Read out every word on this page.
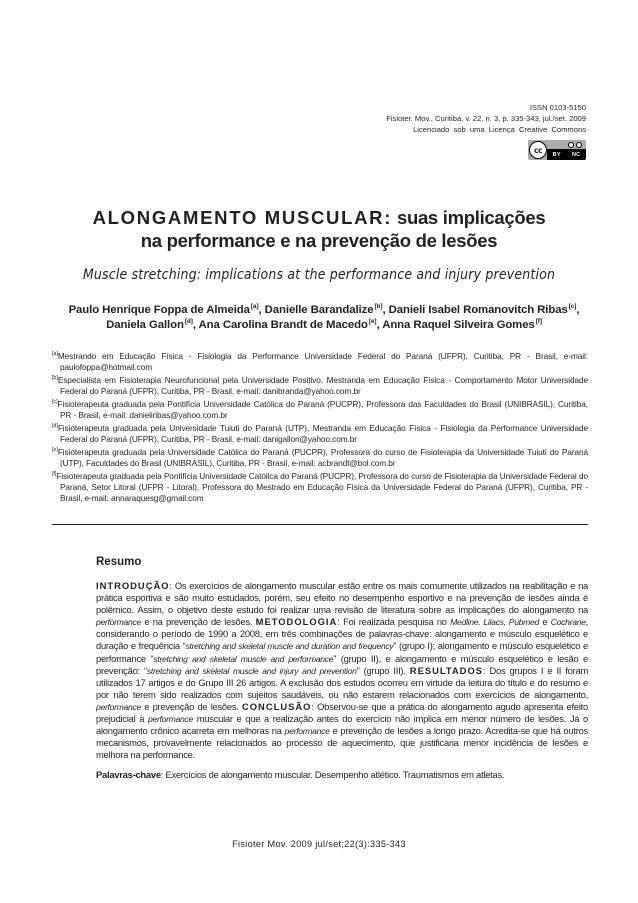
ISSN 0103-5150
Fisioter. Mov., Curitiba, v. 22, n. 3, p. 335-343, jul./set. 2009
Licenciado sob uma Licença Creative Commons
cc	BY NC
ALONGAMENTO MUSCULAR: suas implicações
na performance e na prevenção de lesões
Muscle stretching: implications at the performance and injury prevention
Paulo Henrique Foppa de Almeida[a], Danielle Barandalize[b], Danieli Isabel Romanovitch Ribas[c],
Daniela Gallon[d], Ana Carolina Brandt de Macedo[e], Anna Raquel Silveira Gomes[f]
[a]Mestrando em Educação Física - Fisiologia da Performance Universidade Federal do Paraná (UFPR), Curitiba, PR - Brasil, e-mail: paulofoppa@hotmail.com
[b]Especialista em Fisioterapia Neurofuncional pela Universidade Positivo, Mestranda em Educação Física - Comportamento Motor Universidade Federal do Paraná (UFPR), Curitiba, PR - Brasil, e-mail: danibranda@yahoo.com.br
[c]Fisioterapeuta graduada pela Pontifícia Universidade Católica do Paraná (PUCPR), Professora das Faculdades do Brasil (UNIBRASIL), Curitiba, PR - Brasil, e-mail: danieliribas@yahoo.com.br
[d]Fisioterapeuta graduada pela Universidade Tuiuti do Paraná (UTP), Mestranda em Educação Física - Fisiologia da Performance Universidade Federal do Paraná (UFPR), Curitiba, PR - Brasil, e-mail: danigallon@yahoo.com.br
[e]Fisioterapeuta graduada pela Universidade Católica do Paraná (PUCPR), Professora do curso de Fisioterapia da Universidade Tuiuti do Paraná (UTP), Faculdades do Brasil (UNIBRASIL), Curitiba, PR - Brasil, e-mail: acbrandt@bol.com.br
[f]Fisioterapeuta graduada pela Pontifícia Universidade Católica do Paraná (PUCPR), Professora do curso de Fisioterapia da Universidade Federal do Paraná, Setor Litoral (UFPR - Litoral), Professora do Mestrado em Educação Física da Universidade Federal do Paraná (UFPR), Curitiba, PR - Brasil, e-mail: annaraquesg@gmail.com
Resumo
INTRODUÇÃO: Os exercícios de alongamento muscular estão entre os mais comumente utilizados na reabilitação e na prática esportiva e são muito estudados, porém, seu efeito no desempenho esportivo e na prevenção de lesões ainda é polêmico. Assim, o objetivo deste estudo foi realizar uma revisão de literatura sobre as implicações do alongamento na performance e na prevenção de lesões. METODOLOGIA: Foi realizada pesquisa no Medline, Lilacs, Pubmed e Cochrane, considerando o período de 1990 a 2008, em três combinações de palavras-chave: alongamento e músculo esquelético e duração e frequência “stretching and skeletal muscle and duration and frequency” (grupo I); alongamento e músculo esquelético e performance “stretching and skeletal muscle and performance” (grupo II), e alongamento e músculo esquelético e lesão e prevenção: “stretching and skeletal muscle and injury and prevention” (grupo III). RESULTADOS: Dos grupos I e II foram utilizados 17 artigos e do Grupo III 26 artigos. A exclusão dos estudos ocorreu em virtude da leitura do título e do resumo e por não terem sido realizados com sujeitos saudáveis, ou não estarem relacionados com exercícios de alongamento, performance e prevenção de lesões. CONCLUSÃO: Observou-se que a prática do alongamento agudo apresenta efeito prejudicial à performance muscular e que a realização antes do exercício não implica em menor número de lesões. Já o alongamento crônico acarreta em melhoras na performance e prevenção de lesões a longo prazo. Acredita-se que há outros mecanismos, provavelmente relacionados ao processo de aquecimento, que justificaria menor incidência de lesões e melhora na performance.
Palavras-chave: Exercícios de alongamento muscular. Desempenho atlético. Traumatismos em atletas.
Fisioter Mov. 2009 jul/set;22(3):335-343
